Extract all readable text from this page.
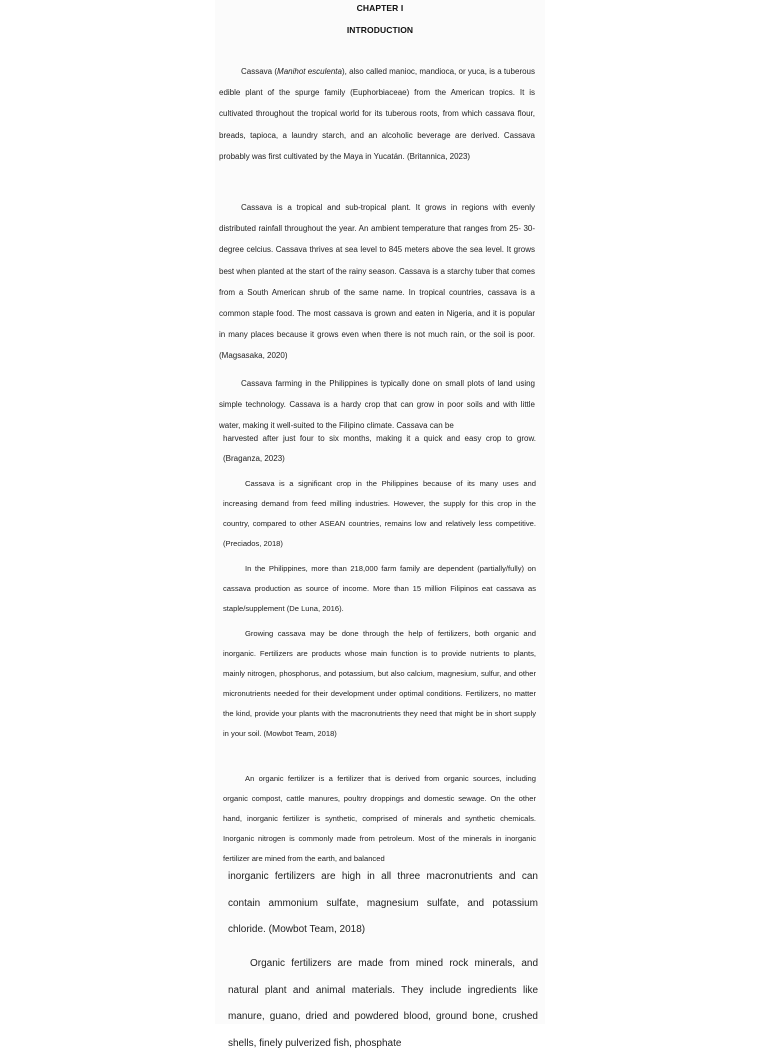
CHAPTER I
INTRODUCTION

Cassava (Manihot esculenta), also called manioc, mandioca, or yuca, is a tuberous edible plant of the spurge family (Euphorbiaceae) from the American tropics. It is cultivated throughout the tropical world for its tuberous roots, from which cassava flour, breads, tapioca, a laundry starch, and an alcoholic beverage are derived. Cassava probably was first cultivated by the Maya in Yucatán. (Britannica, 2023)

Cassava is a tropical and sub-tropical plant. It grows in regions with evenly distributed rainfall throughout the year. An ambient temperature that ranges from 25- 30-degree celcius. Cassava thrives at sea level to 845 meters above the sea level. It grows best when planted at the start of the rainy season. Cassava is a starchy tuber that comes from a South American shrub of the same name. In tropical countries, cassava is a common staple food. The most cassava is grown and eaten in Nigeria, and it is popular in many places because it grows even when there is not much rain, or the soil is poor. (Magsasaka, 2020)

Cassava farming in the Philippines is typically done on small plots of land using simple technology. Cassava is a hardy crop that can grow in poor soils and with little water, making it well-suited to the Filipino climate. Cassava can be

harvested after just four to six months, making it a quick and easy crop to grow. (Braganza, 2023)

Cassava is a significant crop in the Philippines because of its many uses and increasing demand from feed milling industries. However, the supply for this crop in the country, compared to other ASEAN countries, remains low and relatively less competitive. (Preciados, 2018)

In the Philippines, more than 218,000 farm family are dependent (partially/fully) on cassava production as source of income. More than 15 million Filipinos eat cassava as staple/supplement (De Luna, 2016).

Growing cassava may be done through the help of fertilizers, both organic and inorganic. Fertilizers are products whose main function is to provide nutrients to plants, mainly nitrogen, phosphorus, and potassium, but also calcium, magnesium, sulfur, and other micronutrients needed for their development under optimal conditions. Fertilizers, no matter the kind, provide your plants with the macronutrients they need that might be in short supply in your soil. (Mowbot Team, 2018)

An organic fertilizer is a fertilizer that is derived from organic sources, including organic compost, cattle manures, poultry droppings and domestic sewage. On the other hand, inorganic fertilizer is synthetic, comprised of minerals and synthetic chemicals. Inorganic nitrogen is commonly made from petroleum. Most of the minerals in inorganic fertilizer are mined from the earth, and balanced

inorganic fertilizers are high in all three macronutrients and can contain ammonium sulfate, magnesium sulfate, and potassium chloride. (Mowbot Team, 2018)

Organic fertilizers are made from mined rock minerals, and natural plant and animal materials. They include ingredients like manure, guano, dried and powdered blood, ground bone, crushed shells, finely pulverized fish, phosphate
